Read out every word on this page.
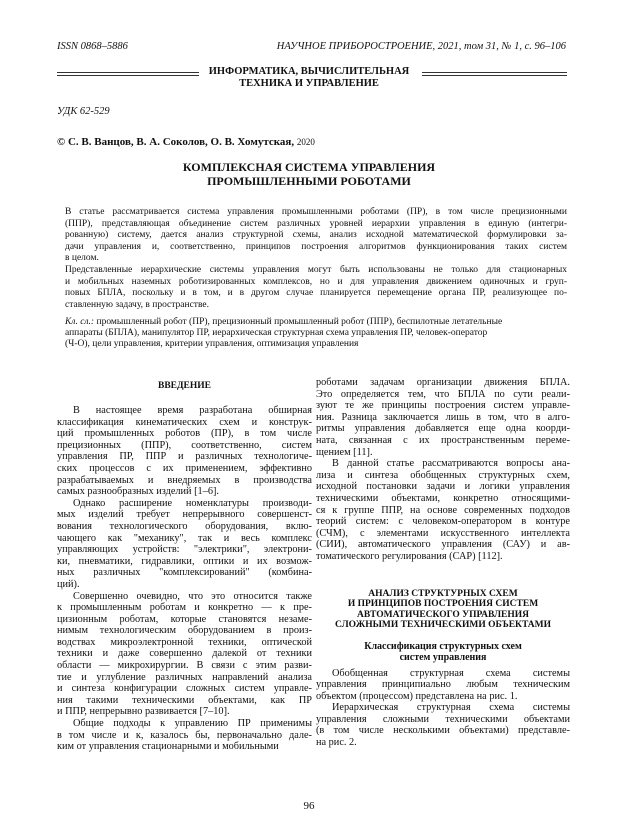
ISSN 0868–5886	НАУЧНОЕ ПРИБОРОСТРОЕНИЕ, 2021, том 31, № 1, с. 96–106
ИНФОРМАТИКА, ВЫЧИСЛИТЕЛЬНАЯ
ТЕХНИКА И УПРАВЛЕНИЕ
УДК 62-529
© С. В. Ванцов, В. А. Соколов, О. В. Хомутская, 2020
КОМПЛЕКСНАЯ СИСТЕМА УПРАВЛЕНИЯ
ПРОМЫШЛЕННЫМИ РОБОТАМИ
В статье рассматривается система управления промышленными роботами (ПР), в том числе прецизионными
(ППР), представляющая объединение систем различных уровней иерархии управления в единую (интегри-
рованную) систему, дается анализ структурной схемы, анализ исходной математической формулировки за-
дачи управления и, соответственно, принципов построения алгоритмов функционирования таких систем
в целом.
Представленные иерархические системы управления могут быть использованы не только для стационарных
и мобильных наземных роботизированных комплексов, но и для управления движением одиночных и груп-
повых БПЛА, поскольку и в том, и в другом случае планируется перемещение органа ПР, реализующее по-
ставленную задачу, в пространстве.
Кл. сл.: промышленный робот (ПР), прецизионный промышленный робот (ППР), беспилотные летательные
аппараты (БПЛА), манипулятор ПР, иерархическая структурная схема управления ПР, человек-оператор
(Ч-О), цели управления, критерии управления, оптимизация управления
ВВЕДЕНИЕ
В настоящее время разработана обширная
классификация кинематических схем и конструк-
ций промышленных роботов (ПР), в том числе
прецизионных (ППР), соответственно, систем
управления ПР, ППР и различных технологиче-
ских процессов с их применением, эффективно
разрабатываемых и внедряемых в производства
самых разнообразных изделий [1–6].
Однако расширение номенклатуры производи-
мых изделий требует непрерывного совершенст-
вования технологического оборудования, вклю-
чающего как "механику", так и весь комплекс
управляющих устройств: "электрики", электрони-
ки, пневматики, гидравлики, оптики и их возмож-
ных различных "комплексирований" (комбина-
ций).
Совершенно очевидно, что это относится также
к промышленным роботам и конкретно — к пре-
цизионным роботам, которые становятся незаме-
нимым технологическим оборудованием в произ-
водствах микроэлектронной техники, оптической
техники и даже совершенно далекой от техники
области — микрохирургии. В связи с этим разви-
тие и углубление различных направлений анализа
и синтеза конфигурации сложных систем управле-
ния такими техническими объектами, как ПР
и ППР, непрерывно развивается [7–10].
Общие подходы к управлению ПР применимы
в том числе и к, казалось бы, первоначально дале-
ким от управления стационарными и мобильными
роботами задачам организации движения БПЛА.
Это определяется тем, что БПЛА по сути реали-
зуют те же принципы построения систем управле-
ния. Разница заключается лишь в том, что в алго-
ритмы управления добавляется еще одна коорди-
ната, связанная с их пространственным переме-
щением [11].
В данной статье рассматриваются вопросы ана-
лиза и синтеза обобщенных структурных схем,
исходной постановки задачи и логики управления
техническими объектами, конкретно относящими-
ся к группе ППР, на основе современных подходов
теорий систем: с человеком-оператором в контуре
(СЧМ), с элементами искусственного интеллекта
(СИИ), автоматического управления (САУ) и ав-
томатического регулирования (САР) [112].
АНАЛИЗ СТРУКТУРНЫХ СХЕМ
И ПРИНЦИПОВ ПОСТРОЕНИЯ СИСТЕМ
АВТОМАТИЧЕСКОГО УПРАВЛЕНИЯ
СЛОЖНЫМИ ТЕХНИЧЕСКИМИ ОБЪЕКТАМИ
Классификация структурных схем
систем управления
Обобщенная структурная схема системы
управления принципиально любым техническим
объектом (процессом) представлена на рис. 1.
Иерархическая структурная схема системы
управления сложными техническими объектами
(в том числе несколькими объектами) представле-
на рис. 2.
96
